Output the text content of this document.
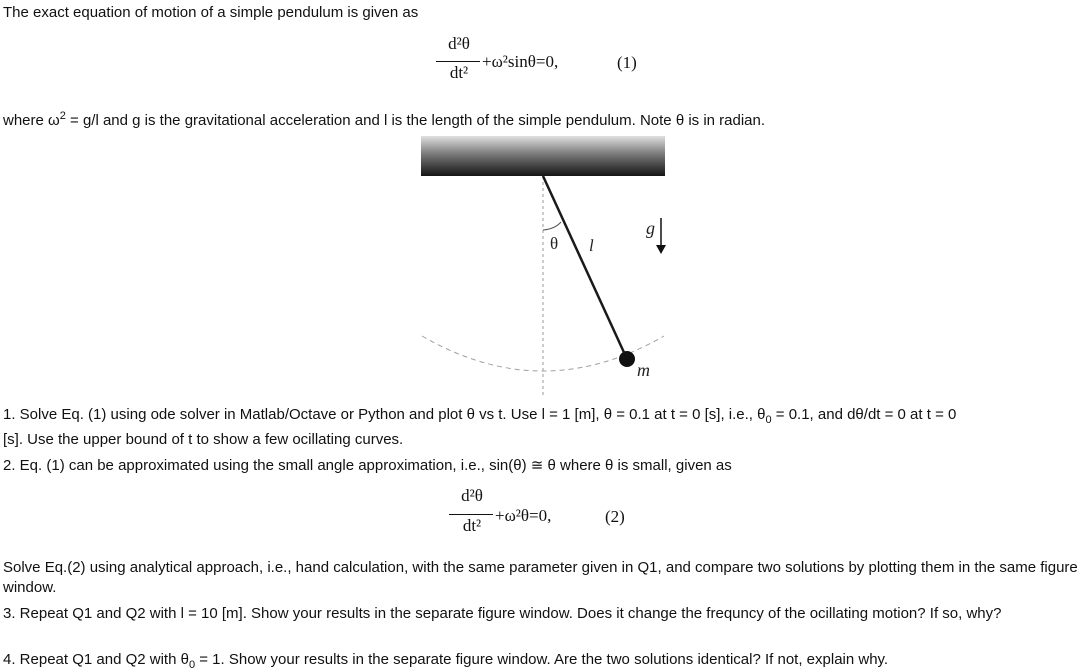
The exact equation of motion of a simple pendulum is given as
d²θ
dt²
+ω²sinθ=0,	(1)
where $\omega^2 = g/l$ and g is the gravitational acceleration and l is the length of the simple pendulum. Note θ is in radian.
θ l
g
m
1. Solve Eq. (1) using ode solver in Matlab/Octave or Python and plot θ vs t. Use l = 1 [m], θ = 0.1 at t = 0 [s], i.e., $\theta_0 = 0.1$, and dθ/dt = 0 at t = 0
[s]. Use the upper bound of t to show a few ocillating curves.
2. Eq. (1) can be approximated using the small angle approximation, i.e., sin(θ) ≅ θ where θ is small, given as
d²θ
dt²
+ω²θ=0,	(2)
Solve Eq.(2) using analytical approach, i.e., hand calculation, with the same parameter given in Q1, and compare two solutions by plotting them in the same figure window.
3. Repeat Q1 and Q2 with l = 10 [m]. Show your results in the separate figure window. Does it change the frequncy of the ocillating motion? If so, why?
4. Repeat Q1 and Q2 with $\theta_0 = 1$. Show your results in the separate figure window. Are the two solutions identical? If not, explain why.
